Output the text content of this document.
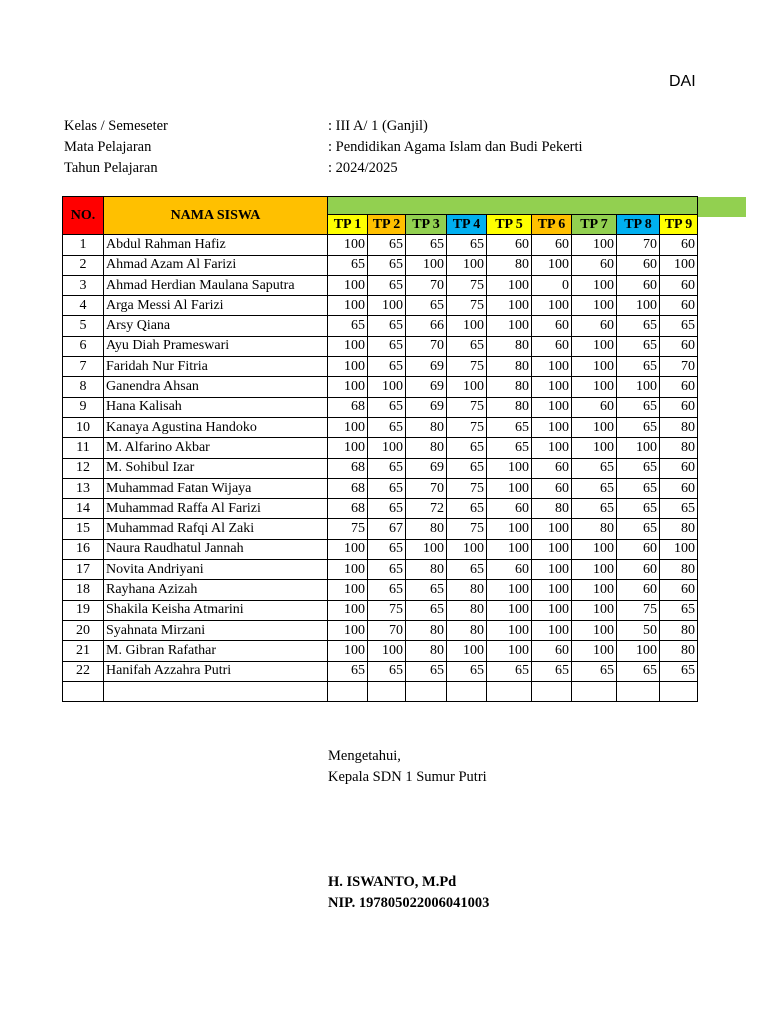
DAI
Kelas / Semeseter	: III A/ 1 (Ganjil)
Mata Pelajaran	: Pendidikan Agama Islam dan Budi Pekerti
Tahun Pelajaran	: 2024/2025
NO.	NAMA SISWA									
		TP 1	TP 2	TP 3	TP 4	TP 5	TP 6	TP 7	TP 8	TP 9
1	Abdul Rahman Hafiz	100	65	65	65	60	60	100	70	60
2	Ahmad Azam Al Farizi	65	65	100	100	80	100	60	60	100
3	Ahmad Herdian Maulana Saputra	100	65	70	75	100	0	100	60	60
4	Arga Messi Al Farizi	100	100	65	75	100	100	100	100	60
5	Arsy Qiana	65	65	66	100	100	60	60	65	65
6	Ayu Diah Prameswari	100	65	70	65	80	60	100	65	60
7	Faridah Nur Fitria	100	65	69	75	80	100	100	65	70
8	Ganendra Ahsan	100	100	69	100	80	100	100	100	60
9	Hana Kalisah	68	65	69	75	80	100	60	65	60
10	Kanaya Agustina Handoko	100	65	80	75	65	100	100	65	80
11	M. Alfarino Akbar	100	100	80	65	65	100	100	100	80
12	M. Sohibul Izar	68	65	69	65	100	60	65	65	60
13	Muhammad Fatan Wijaya	68	65	70	75	100	60	65	65	60
14	Muhammad Raffa Al Farizi	68	65	72	65	60	80	65	65	65
15	Muhammad Rafqi Al Zaki	75	67	80	75	100	100	80	65	80
16	Naura Raudhatul Jannah	100	65	100	100	100	100	100	60	100
17	Novita Andriyani	100	65	80	65	60	100	100	60	80
18	Rayhana Azizah	100	65	65	80	100	100	100	60	60
19	Shakila Keisha Atmarini	100	75	65	80	100	100	100	75	65
20	Syahnata Mirzani	100	70	80	80	100	100	100	50	80
21	M. Gibran Rafathar	100	100	80	100	100	60	100	100	80
22	Hanifah Azzahra Putri	65	65	65	65	65	65	65	65	65

Mengetahui,
Kepala SDN 1 Sumur Putri
H. ISWANTO, M.Pd
NIP. 197805022006041003
